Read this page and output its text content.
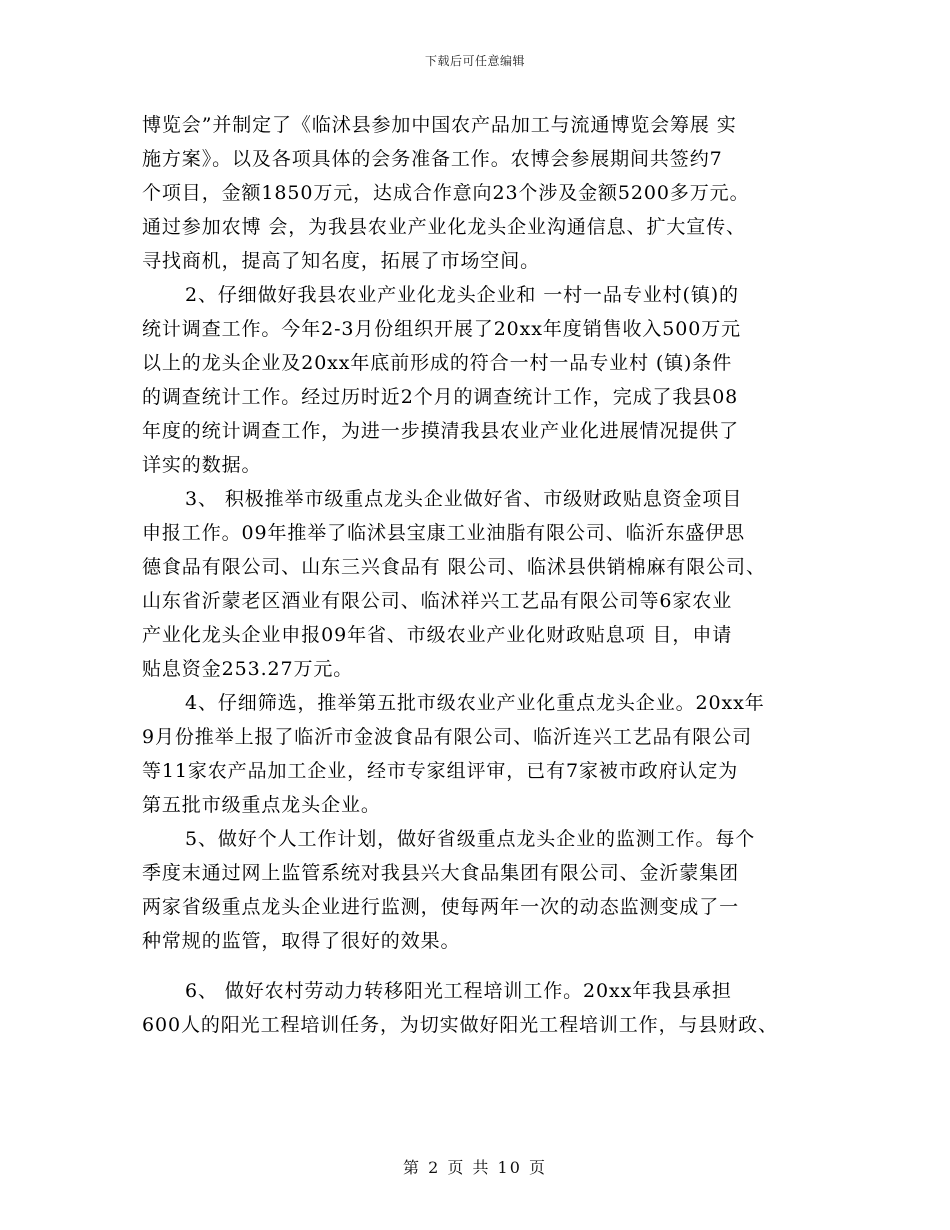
下载后可任意编辑
博览会”并制定了《临沭县参加中国农产品加工与流通博览会筹展 实
施方案》。以及各项具体的会务准备工作。农博会参展期间共签约7
个项目，金额1850万元，达成合作意向23个涉及金额5200多万元。
通过参加农博 会，为我县农业产业化龙头企业沟通信息、扩大宣传、
寻找商机，提高了知名度，拓展了市场空间。
2、仔细做好我县农业产业化龙头企业和 一村一品专业村(镇)的
统计调查工作。今年2-3月份组织开展了20xx年度销售收入500万元
以上的龙头企业及20xx年底前形成的符合一村一品专业村 (镇)条件
的调查统计工作。经过历时近2个月的调查统计工作，完成了我县08
年度的统计调查工作，为进一步摸清我县农业产业化进展情况提供了
详实的数据。
3、 积极推举市级重点龙头企业做好省、市级财政贴息资金项目
申报工作。09年推举了临沭县宝康工业油脂有限公司、临沂东盛伊思
德食品有限公司、山东三兴食品有 限公司、临沭县供销棉麻有限公司、
山东省沂蒙老区酒业有限公司、临沭祥兴工艺品有限公司等6家农业
产业化龙头企业申报09年省、市级农业产业化财政贴息项 目，申请
贴息资金253.27万元。
4、仔细筛选，推举第五批市级农业产业化重点龙头企业。20xx年
9月份推举上报了临沂市金波食品有限公司、临沂连兴工艺品有限公司
等11家农产品加工企业，经市专家组评审，已有7家被市政府认定为
第五批市级重点龙头企业。
5、做好个人工作计划，做好省级重点龙头企业的监测工作。每个
季度末通过网上监管系统对我县兴大食品集团有限公司、金沂蒙集团
两家省级重点龙头企业进行监测，使每两年一次的动态监测变成了一
种常规的监管，取得了很好的效果。
6、 做好农村劳动力转移阳光工程培训工作。20xx年我县承担
600人的阳光工程培训任务，为切实做好阳光工程培训工作，与县财政、
第 2 页 共 10 页
